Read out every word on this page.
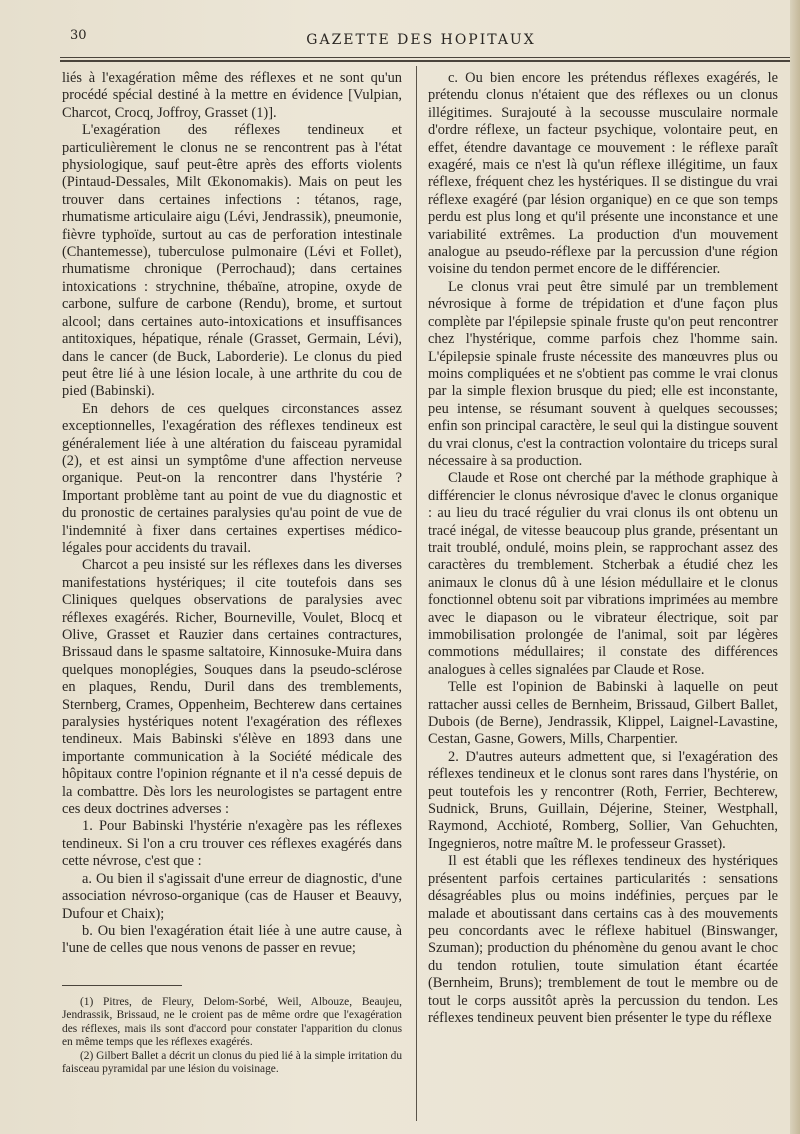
30	GAZETTE DES HOPITAUX

liés à l'exagération même des réflexes et ne sont qu'un procédé spécial destiné à la mettre en évidence [Vulpian, Charcot, Crocq, Joffroy, Grasset (1)].

L'exagération des réflexes tendineux et particulièrement le clonus ne se rencontrent pas à l'état physiologique, sauf peut-être après des efforts violents (Pintaud-Dessales, Milt Œkonomakis). Mais on peut les trouver dans certaines infections : tétanos, rage, rhumatisme articulaire aigu (Lévi, Jendrassik), pneumonie, fièvre typhoïde, surtout au cas de perforation intestinale (Chantemesse), tuberculose pulmonaire (Lévi et Follet), rhumatisme chronique (Perrochaud); dans certaines intoxications : strychnine, thébaïne, atropine, oxyde de carbone, sulfure de carbone (Rendu), brome, et surtout alcool; dans certaines auto-intoxications et insuffisances antitoxiques, hépatique, rénale (Grasset, Germain, Lévi), dans le cancer (de Buck, Laborderie). Le clonus du pied peut être lié à une lésion locale, à une arthrite du cou de pied (Babinski).

En dehors de ces quelques circonstances assez exceptionnelles, l'exagération des réflexes tendineux est généralement liée à une altération du faisceau pyramidal (2), et est ainsi un symptôme d'une affection nerveuse organique. Peut-on la rencontrer dans l'hystérie ? Important problème tant au point de vue du diagnostic et du pronostic de certaines paralysies qu'au point de vue de l'indemnité à fixer dans certaines expertises médico-légales pour accidents du travail.

Charcot a peu insisté sur les réflexes dans les diverses manifestations hystériques; il cite toutefois dans ses Cliniques quelques observations de paralysies avec réflexes exagérés. Richer, Bourneville, Voulet, Blocq et Olive, Grasset et Rauzier dans certaines contractures, Brissaud dans le spasme saltatoire, Kinnosuke-Muira dans quelques monoplégies, Souques dans la pseudo-sclérose en plaques, Rendu, Duril dans des tremblements, Sternberg, Crames, Oppenheim, Bechterew dans certaines paralysies hystériques notent l'exagération des réflexes tendineux. Mais Babinski s'élève en 1893 dans une importante communication à la Société médicale des hôpitaux contre l'opinion régnante et il n'a cessé depuis de la combattre. Dès lors les neurologistes se partagent entre ces deux doctrines adverses :

1. Pour Babinski l'hystérie n'exagère pas les réflexes tendineux. Si l'on a cru trouver ces réflexes exagérés dans cette névrose, c'est que :

a. Ou bien il s'agissait d'une erreur de diagnostic, d'une association névroso-organique (cas de Hauser et Beauvy, Dufour et Chaix);

b. Ou bien l'exagération était liée à une autre cause, à l'une de celles que nous venons de passer en revue;

(1) Pitres, de Fleury, Delom-Sorbé, Weil, Albouze, Beaujeu, Jendrassik, Brissaud, ne le croient pas de même ordre que l'exagération des réflexes, mais ils sont d'accord pour constater l'apparition du clonus en même temps que les réflexes exagérés.

(2) Gilbert Ballet a décrit un clonus du pied lié à la simple irritation du faisceau pyramidal par une lésion du voisinage.

c. Ou bien encore les prétendus réflexes exagérés, le prétendu clonus n'étaient que des réflexes ou un clonus illégitimes. Surajouté à la secousse musculaire normale d'ordre réflexe, un facteur psychique, volontaire peut, en effet, étendre davantage ce mouvement : le réflexe paraît exagéré, mais ce n'est là qu'un réflexe illégitime, un faux réflexe, fréquent chez les hystériques. Il se distingue du vrai réflexe exagéré (par lésion organique) en ce que son temps perdu est plus long et qu'il présente une inconstance et une variabilité extrêmes. La production d'un mouvement analogue au pseudo-réflexe par la percussion d'une région voisine du tendon permet encore de le différencier.

Le clonus vrai peut être simulé par un tremblement névrosique à forme de trépidation et d'une façon plus complète par l'épilepsie spinale fruste qu'on peut rencontrer chez l'hystérique, comme parfois chez l'homme sain. L'épilepsie spinale fruste nécessite des manœuvres plus ou moins compliquées et ne s'obtient pas comme le vrai clonus par la simple flexion brusque du pied; elle est inconstante, peu intense, se résumant souvent à quelques secousses; enfin son principal caractère, le seul qui la distingue souvent du vrai clonus, c'est la contraction volontaire du triceps sural nécessaire à sa production.

Claude et Rose ont cherché par la méthode graphique à différencier le clonus névrosique d'avec le clonus organique : au lieu du tracé régulier du vrai clonus ils ont obtenu un tracé inégal, de vitesse beaucoup plus grande, présentant un trait troublé, ondulé, moins plein, se rapprochant assez des caractères du tremblement. Stcherbak a étudié chez les animaux le clonus dû à une lésion médullaire et le clonus fonctionnel obtenu soit par vibrations imprimées au membre avec le diapason ou le vibrateur électrique, soit par immobilisation prolongée de l'animal, soit par légères commotions médullaires; il constate des différences analogues à celles signalées par Claude et Rose.

Telle est l'opinion de Babinski à laquelle on peut rattacher aussi celles de Bernheim, Brissaud, Gilbert Ballet, Dubois (de Berne), Jendrassik, Klippel, Laignel-Lavastine, Cestan, Gasne, Gowers, Mills, Charpentier.

2. D'autres auteurs admettent que, si l'exagération des réflexes tendineux et le clonus sont rares dans l'hystérie, on peut toutefois les y rencontrer (Roth, Ferrier, Bechterew, Sudnick, Bruns, Guillain, Déjerine, Steiner, Westphall, Raymond, Acchioté, Romberg, Sollier, Van Gehuchten, Ingegnieros, notre maître M. le professeur Grasset).

Il est établi que les réflexes tendineux des hystériques présentent parfois certaines particularités : sensations désagréables plus ou moins indéfinies, perçues par le malade et aboutissant dans certains cas à des mouvements peu concordants avec le réflexe habituel (Binswanger, Szuman); production du phénomène du genou avant le choc du tendon rotulien, toute simulation étant écartée (Bernheim, Bruns); tremblement de tout le membre ou de tout le corps aussitôt après la percussion du tendon. Les réflexes tendineux peuvent bien présenter le type du réflexe
